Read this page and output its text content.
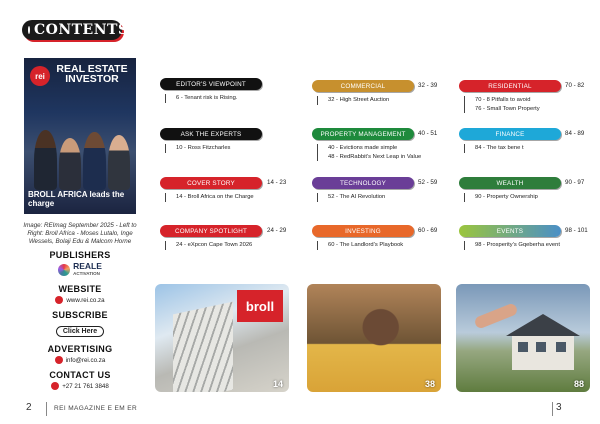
CONTENTS
rei
REAL ESTATE
INVESTOR
BROLL AFRICA leads the charge
Image: REImag September 2025 - Left to Right: Broll Africa - Moses Lutalo, Inge Wessels, Bolaji Edu & Malcom Horne
PUBLISHERS
REALE
ACTIVATION
WEBSITE
www.rei.co.za
SUBSCRIBE
Click Here
ADVERTISING
info@rei.co.za
CONTACT US
+27 21 761 3848
EDITOR'S VIEWPOINT
6 - Tenant risk is Rising.
ASK THE EXPERTS
10 - Ross Fitzcharles
COVER STORY	14 - 23
14 - Broll Africa on the Charge
COMPANY SPOTLIGHT	24 - 29
24 - eXpcon Cape Town 2026
COMMERCIAL	32 - 39
32 - High Street Auction
PROPERTY MANAGEMENT	40 - 51
40 - Evictions made simple
48 - RedRabbit’s Next Leap in Value
TECHNOLOGY	52 - 59
52 - The AI Revolution
INVESTING	60 - 69
60 - The Landlord’s Playbook
RESIDENTIAL	70 - 82
70 - 8 Pitfalls to avoid
76 - Small Town Property
FINANCE	84 - 89
84 - The tax bene t
WEALTH	90 - 97
90 - Property Ownership
EVENTS	98 - 101
98 - Prosperity’s Gqeberha event
broll
14	38	88
2	REI MAGAZINE E EM ER	3
